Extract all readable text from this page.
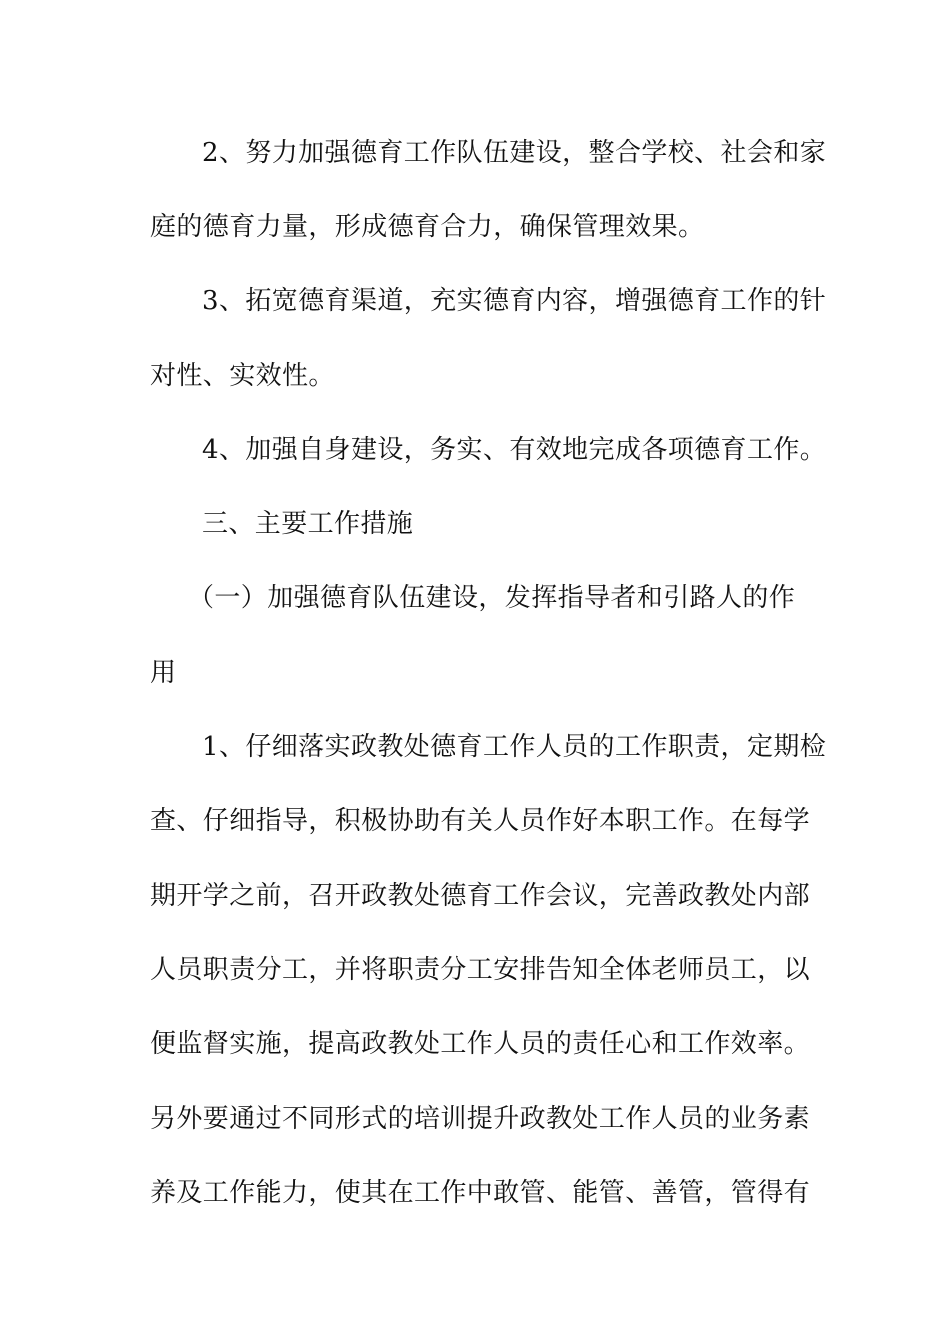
2、努力加强德育工作队伍建设，整合学校、社会和家
庭的德育力量，形成德育合力，确保管理效果。
3、拓宽德育渠道，充实德育内容，增强德育工作的针
对性、实效性。
4、加强自身建设，务实、有效地完成各项德育工作。
三、主要工作措施
（一）加强德育队伍建设，发挥指导者和引路人的作
用
1、仔细落实政教处德育工作人员的工作职责，定期检
查、仔细指导，积极协助有关人员作好本职工作。在每学
期开学之前，召开政教处德育工作会议，完善政教处内部
人员职责分工，并将职责分工安排告知全体老师员工，以
便监督实施，提高政教处工作人员的责任心和工作效率。
另外要通过不同形式的培训提升政教处工作人员的业务素
养及工作能力，使其在工作中敢管、能管、善管，管得有
